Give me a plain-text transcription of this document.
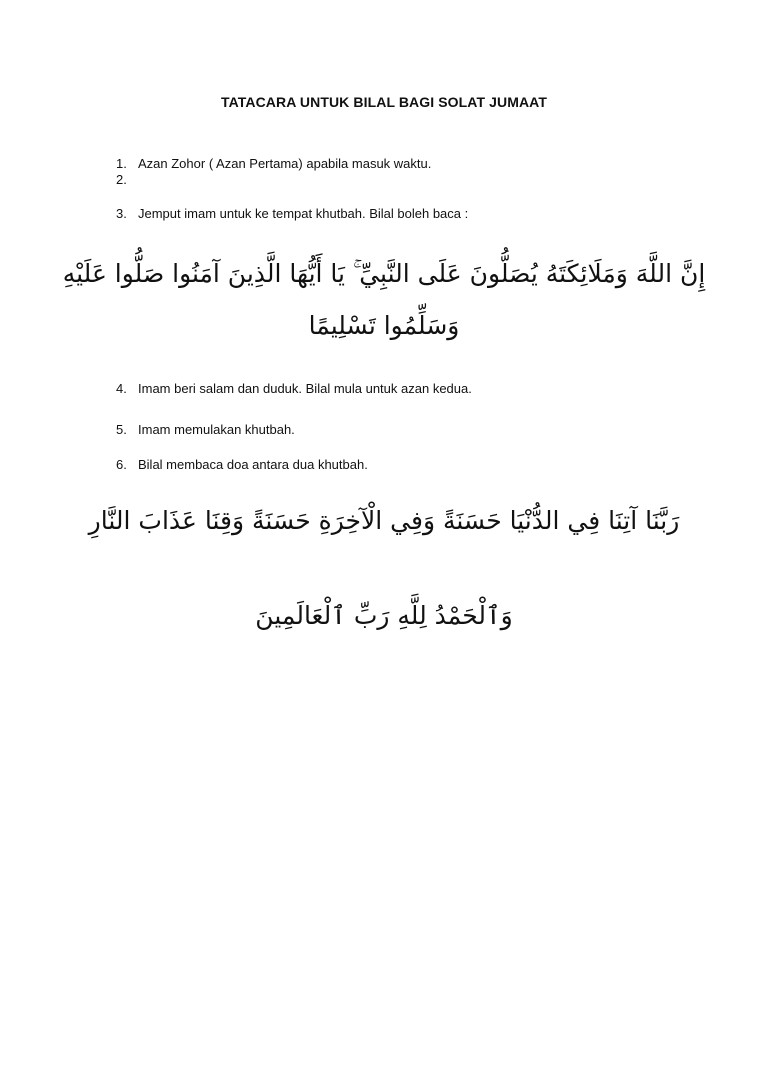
TATACARA UNTUK BILAL BAGI SOLAT JUMAAT
1. Azan Zohor ( Azan Pertama) apabila masuk waktu.
2.
3. Jemput imam untuk ke tempat khutbah. Bilal boleh baca :
إِنَّ اللَّهَ وَمَلَائِكَتَهُ يُصَلُّونَ عَلَى النَّبِيِّ ۚ يَا أَيُّهَا الَّذِينَ آمَنُوا صَلُّوا عَلَيْهِ
وَسَلِّمُوا تَسْلِيمًا
4. Imam beri salam dan duduk. Bilal mula untuk azan kedua.
5. Imam memulakan khutbah.
6. Bilal membaca doa antara dua khutbah.
رَبَّنَا آتِنَا فِي الدُّنْيَا حَسَنَةً وَفِي الْآخِرَةِ حَسَنَةً وَقِنَا عَذَابَ النَّارِ
وَٱلْحَمْدُ لِلَّهِ رَبِّ ٱلْعَالَمِينَ
